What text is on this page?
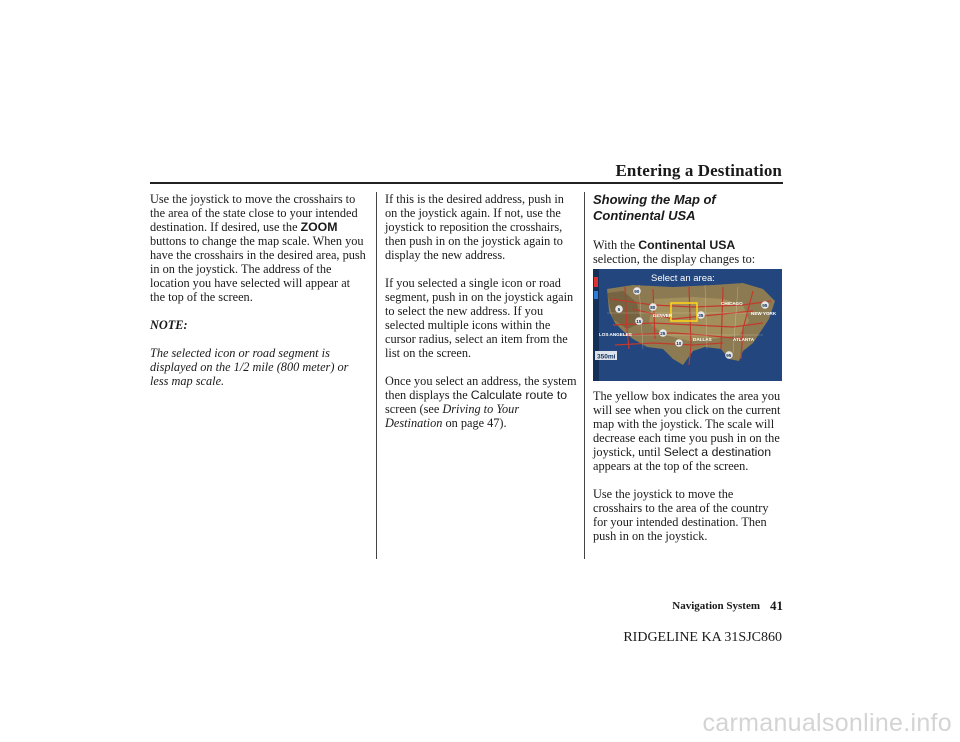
Entering a Destination

Use the joystick to move the crosshairs to the area of the state close to your intended destination. If desired, use the ZOOM buttons to change the map scale. When you have the crosshairs in the desired area, push in on the joystick. The address of the location you have selected will appear at the top of the screen.

NOTE:

The selected icon or road segment is displayed on the 1/2 mile (800 meter) or less map scale.

If this is the desired address, push in on the joystick again. If not, use the joystick to reposition the crosshairs, then push in on the joystick again to display the new address.

If you selected a single icon or road segment, push in on the joystick again to select the new address. If you selected multiple icons within the cursor radius, select an item from the list on the screen.

Once you select an address, the system then displays the Calculate route to screen (see Driving to Your Destination on page 47).

Showing the Map of Continental USA

With the Continental USA selection, the display changes to:

Select an area:
350mi
LOS ANGELES
DENVER
DALLAS
CHICAGO
NEW YORK
ATLANTA
90
80
5
15
35
10
95
95
25

The yellow box indicates the area you will see when you click on the current map with the joystick. The scale will decrease each time you push in on the joystick, until Select a destination appears at the top of the screen.

Use the joystick to move the crosshairs to the area of the country for your intended destination. Then push in on the joystick.

Navigation System 41
RIDGELINE KA 31SJC860
carmanualsonline.info
